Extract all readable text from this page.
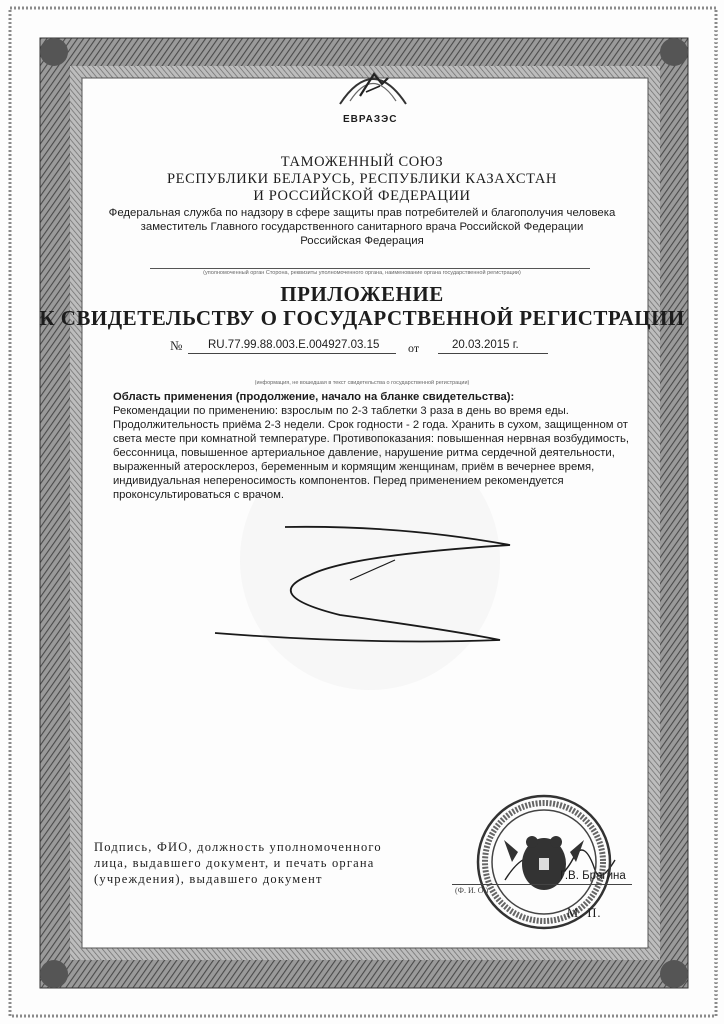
ЕВРАЗЭС
ТАМОЖЕННЫЙ СОЮЗ
РЕСПУБЛИКИ БЕЛАРУСЬ, РЕСПУБЛИКИ КАЗАХСТАН
И РОССИЙСКОЙ ФЕДЕРАЦИИ
Федеральная служба по надзору в сфере защиты прав потребителей и благополучия человека
заместитель Главного государственного санитарного врача Российской Федерации
Российская Федерация
(уполномоченный орган Сторона, реквизиты уполномоченного органа, наименование органа государственной регистрации)
ПРИЛОЖЕНИЕ
К СВИДЕТЕЛЬСТВУ О ГОСУДАРСТВЕННОЙ РЕГИСТРАЦИИ
№ RU.77.99.88.003.Е.004927.03.15 от	20.03.2015 г.
(информация, не вошедшая в текст свидетельства о государственной регистрации)
Область применения (продолжение, начало на бланке свидетельства):
Рекомендации по применению: взрослым по 2-3 таблетки 3 раза в день во время еды.
Продолжительность приёма 2-3 недели. Срок годности - 2 года. Хранить в сухом, защищенном от
света месте при комнатной температуре. Противопоказания: повышенная нервная возбудимость,
бессонница, повышенное артериальное давление, нарушение ритма сердечной деятельности,
выраженный атеросклероз, беременным и кормящим женщинам, приём в вечернее время,
индивидуальная непереносимость компонентов. Перед применением рекомендуется
проконсультироваться с врачом.
Подпись, ФИО, должность уполномоченного
лица, выдавшего документ, и печать органа
(учреждения), выдавшего документ	Г.В. Брагина
(Ф. И. О.)
М. П.
